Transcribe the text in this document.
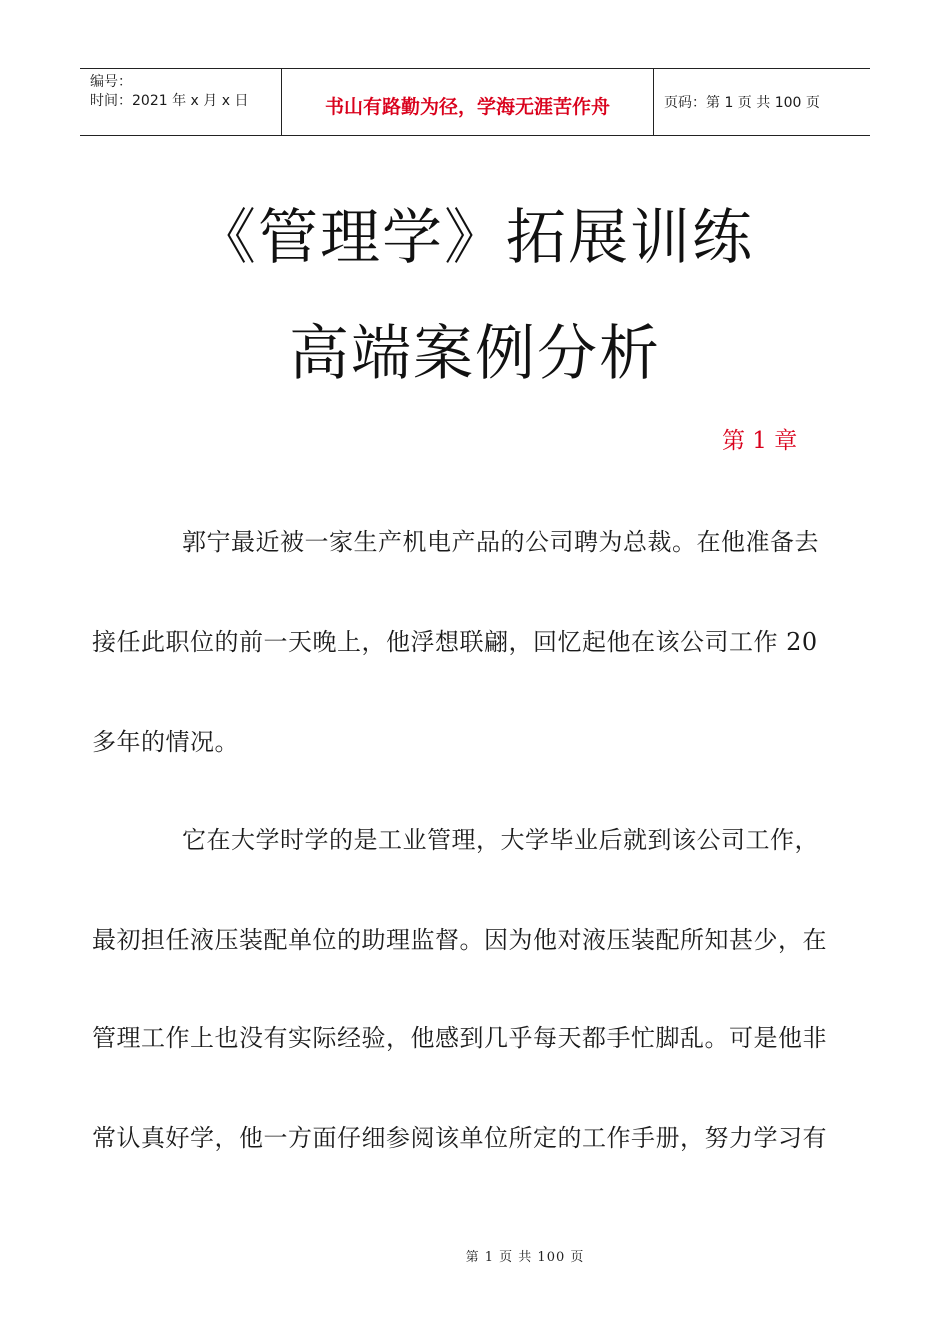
编号：
时间：2021 年 x 月 x 日	书山有路勤为径，学海无涯苦作舟	页码：第 1 页 共 100 页
《管理学》拓展训练
高端案例分析
第 1 章
郭宁最近被一家生产机电产品的公司聘为总裁。在他准备去
接任此职位的前一天晚上，他浮想联翩，回忆起他在该公司工作 20
多年的情况。
它在大学时学的是工业管理，大学毕业后就到该公司工作，
最初担任液压装配单位的助理监督。因为他对液压装配所知甚少，在
管理工作上也没有实际经验，他感到几乎每天都手忙脚乱。可是他非
常认真好学，他一方面仔细参阅该单位所定的工作手册，努力学习有
第 1 页 共 100 页
